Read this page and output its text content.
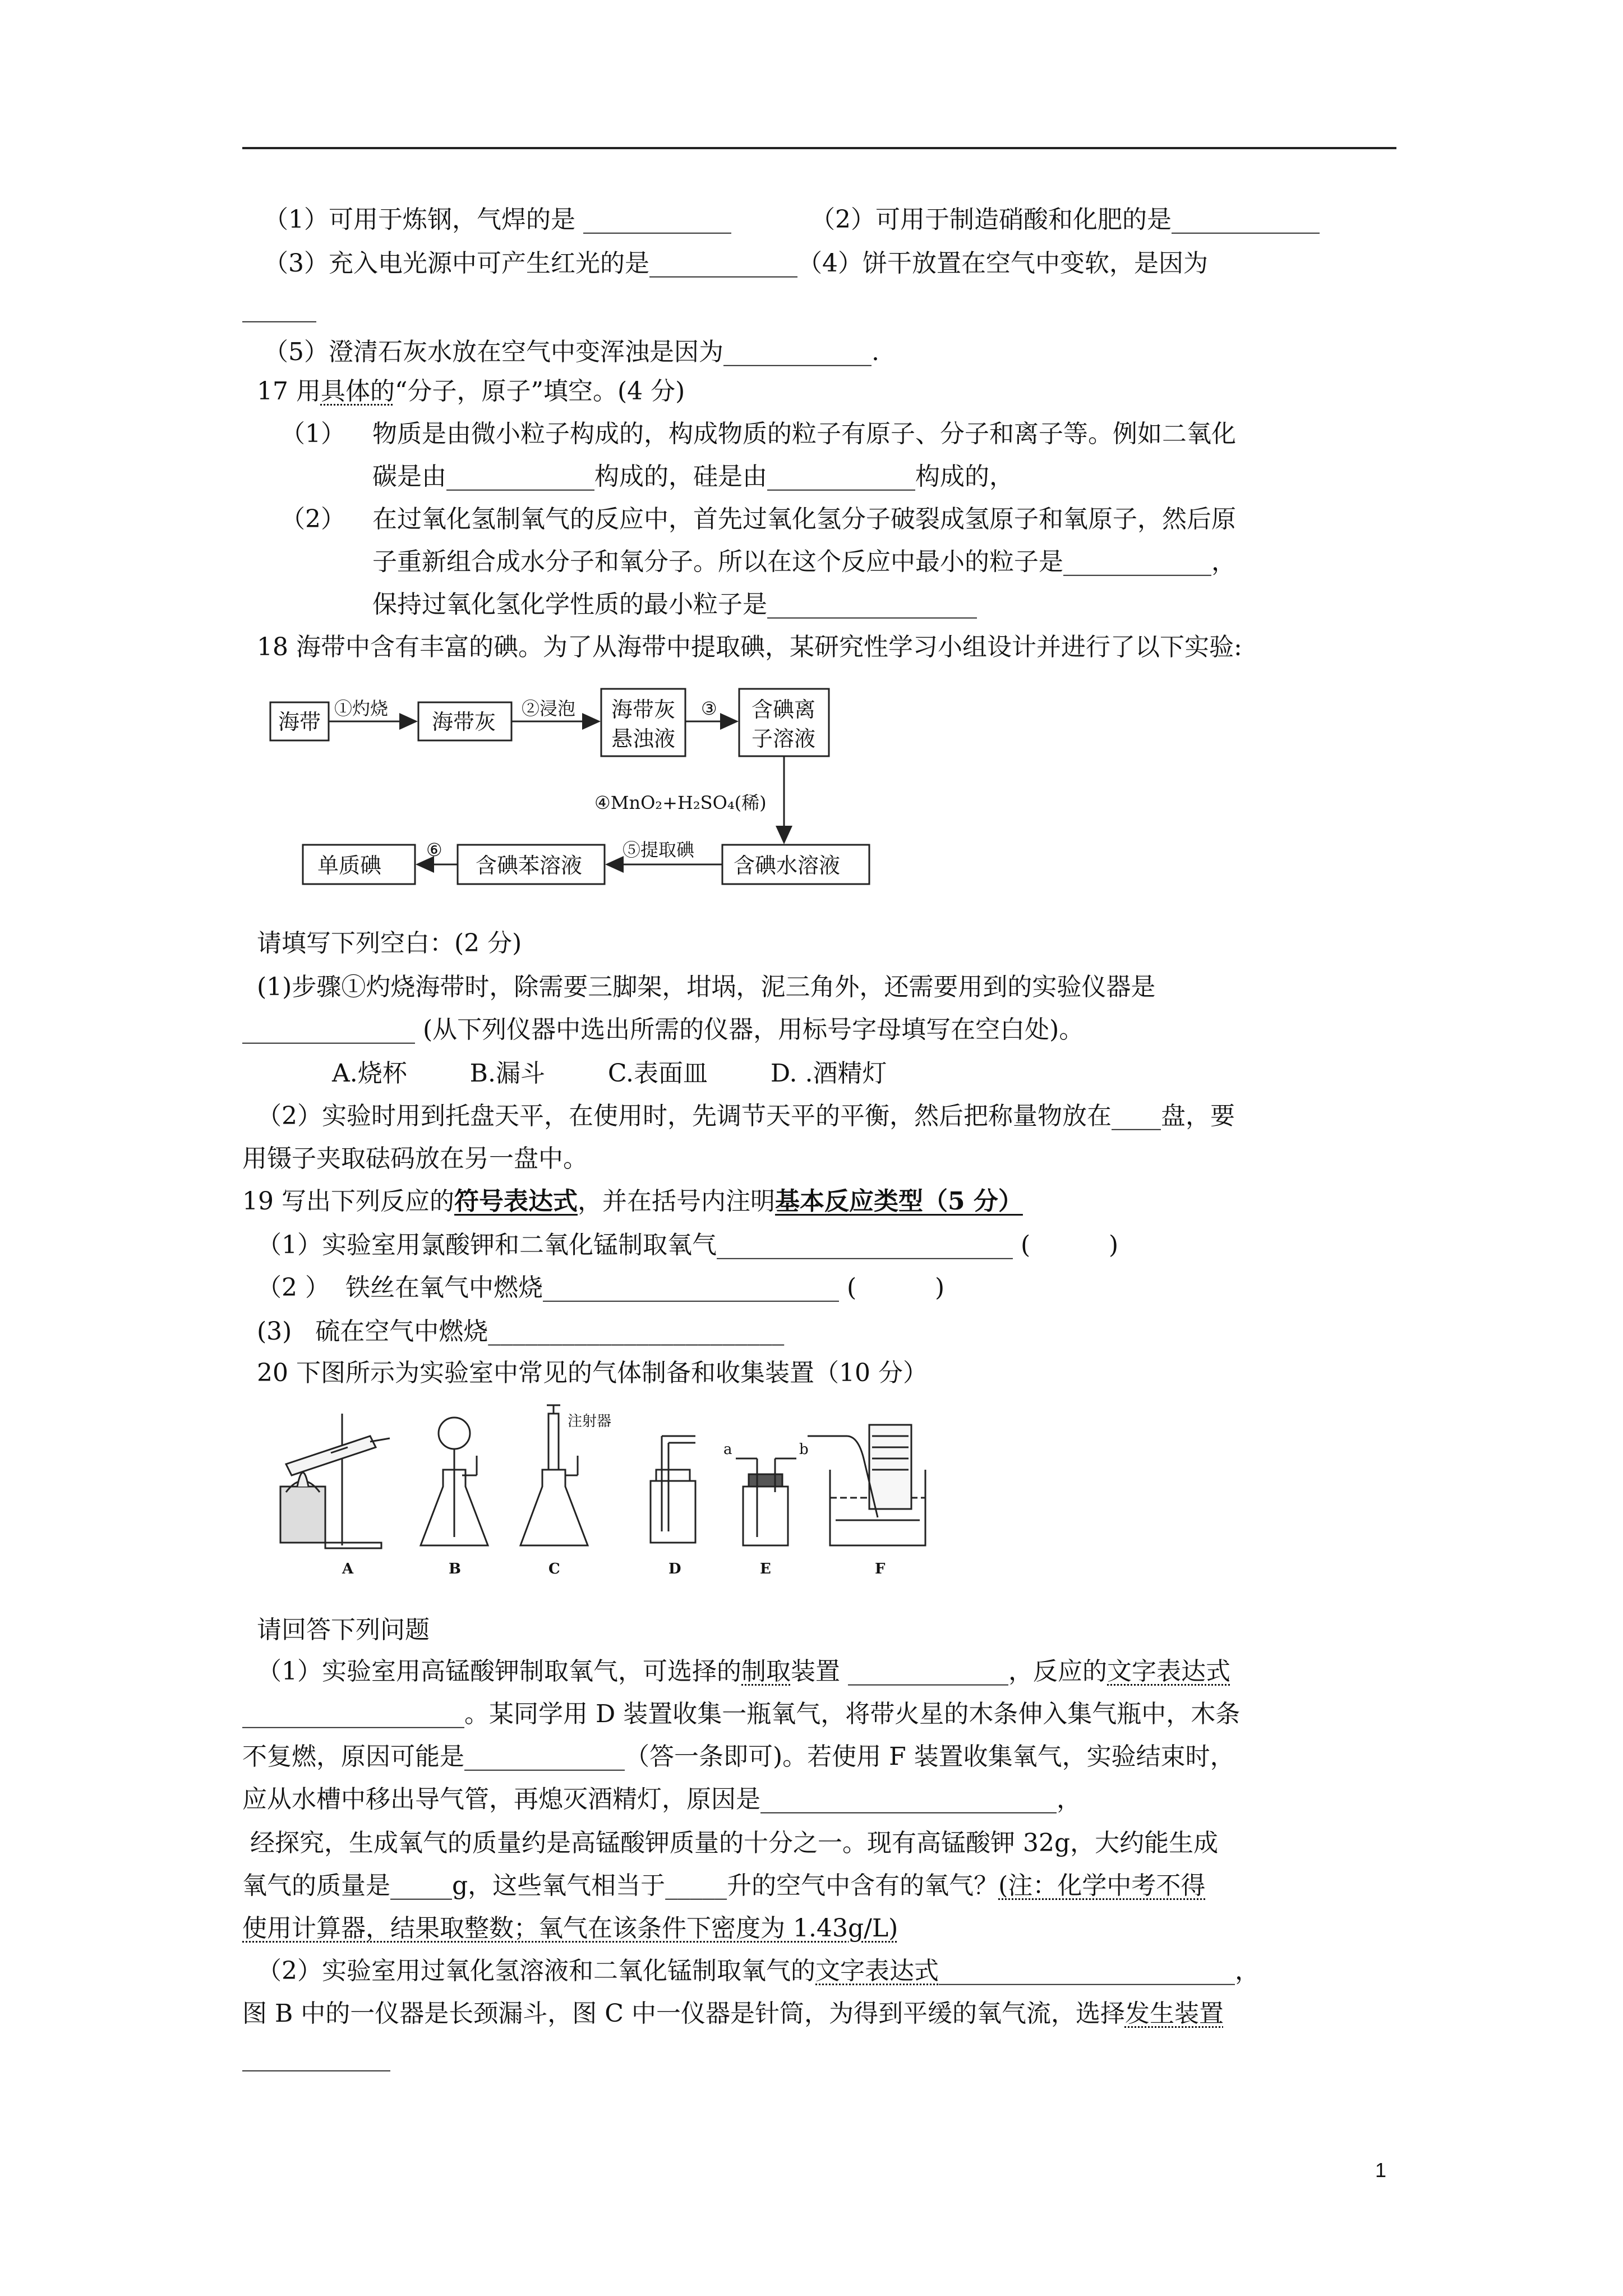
（1）可用于炼钢，气焊的是 ____________	（2）可用于制造硝酸和化肥的是____________
（3）充入电光源中可产生红光的是____________（4）饼干放置在空气中变软，是因为
______
（5）澄清石灰水放在空气中变浑浊是因为____________.
17 用具体的“分子，原子”填空。(4 分)
（1） 物质是由微小粒子构成的，构成物质的粒子有原子、分子和离子等。例如二氧化
碳是由____________构成的，硅是由____________构成的，
（2） 在过氧化氢制氧气的反应中，首先过氧化氢分子破裂成氢原子和氧原子，然后原
子重新组合成水分子和氧分子。所以在这个反应中最小的粒子是____________，
保持过氧化氢化学性质的最小粒子是_________________
18 海带中含有丰富的碘。为了从海带中提取碘，某研究性学习小组设计并进行了以下实验:
海带	海带灰	海带灰
悬浊液
含碘离
子溶液
含碘水溶液
含碘苯溶液
单质碘
①灼烧	②浸泡	③
④MnO₂+H₂SO₄(稀)
⑤提取碘
⑥
请填写下列空白：(2 分)
(1)步骤①灼烧海带时，除需要三脚架，坩埚，泥三角外，还需要用到的实验仪器是
______________ (从下列仪器中选出所需的仪器，用标号字母填写在空白处)。
A.烧杯        B.漏斗        C.表面皿        D. .酒精灯
（2）实验时用到托盘天平，在使用时，先调节天平的平衡，然后把称量物放在____盘，要
用镊子夹取砝码放在另一盘中。
19 写出下列反应的符号表达式，并在括号内注明基本反应类型（5 分）
（1）实验室用氯酸钾和二氧化锰制取氧气________________________ (          )
（2 ）  铁丝在氧气中燃烧________________________ (          )
(3)   硫在空气中燃烧________________________
20 下图所示为实验室中常见的气体制备和收集装置（10 分）
注射器
a	b
A	B	C	D	E	F
请回答下列问题
（1）实验室用高锰酸钾制取氧气，可选择的制取装置 _____________，反应的文字表达式
__________________。某同学用 D 装置收集一瓶氧气，将带火星的木条伸入集气瓶中，木条
不复燃，原因可能是_____________（答一条即可)。若使用 F 装置收集氧气，实验结束时，
应从水槽中移出导气管，再熄灭酒精灯，原因是________________________，
经探究，生成氧气的质量约是高锰酸钾质量的十分之一。现有高锰酸钾 32g，大约能生成
氧气的质量是_____g，这些氧气相当于_____升的空气中含有的氧气？(注：化学中考不得
使用计算器，结果取整数；氧气在该条件下密度为 1.43g/L)
（2）实验室用过氧化氢溶液和二氧化锰制取氧气的文字表达式________________________，
图 B 中的一仪器是长颈漏斗，图 C 中一仪器是针筒，为得到平缓的氧气流，选择发生装置
____________
1
